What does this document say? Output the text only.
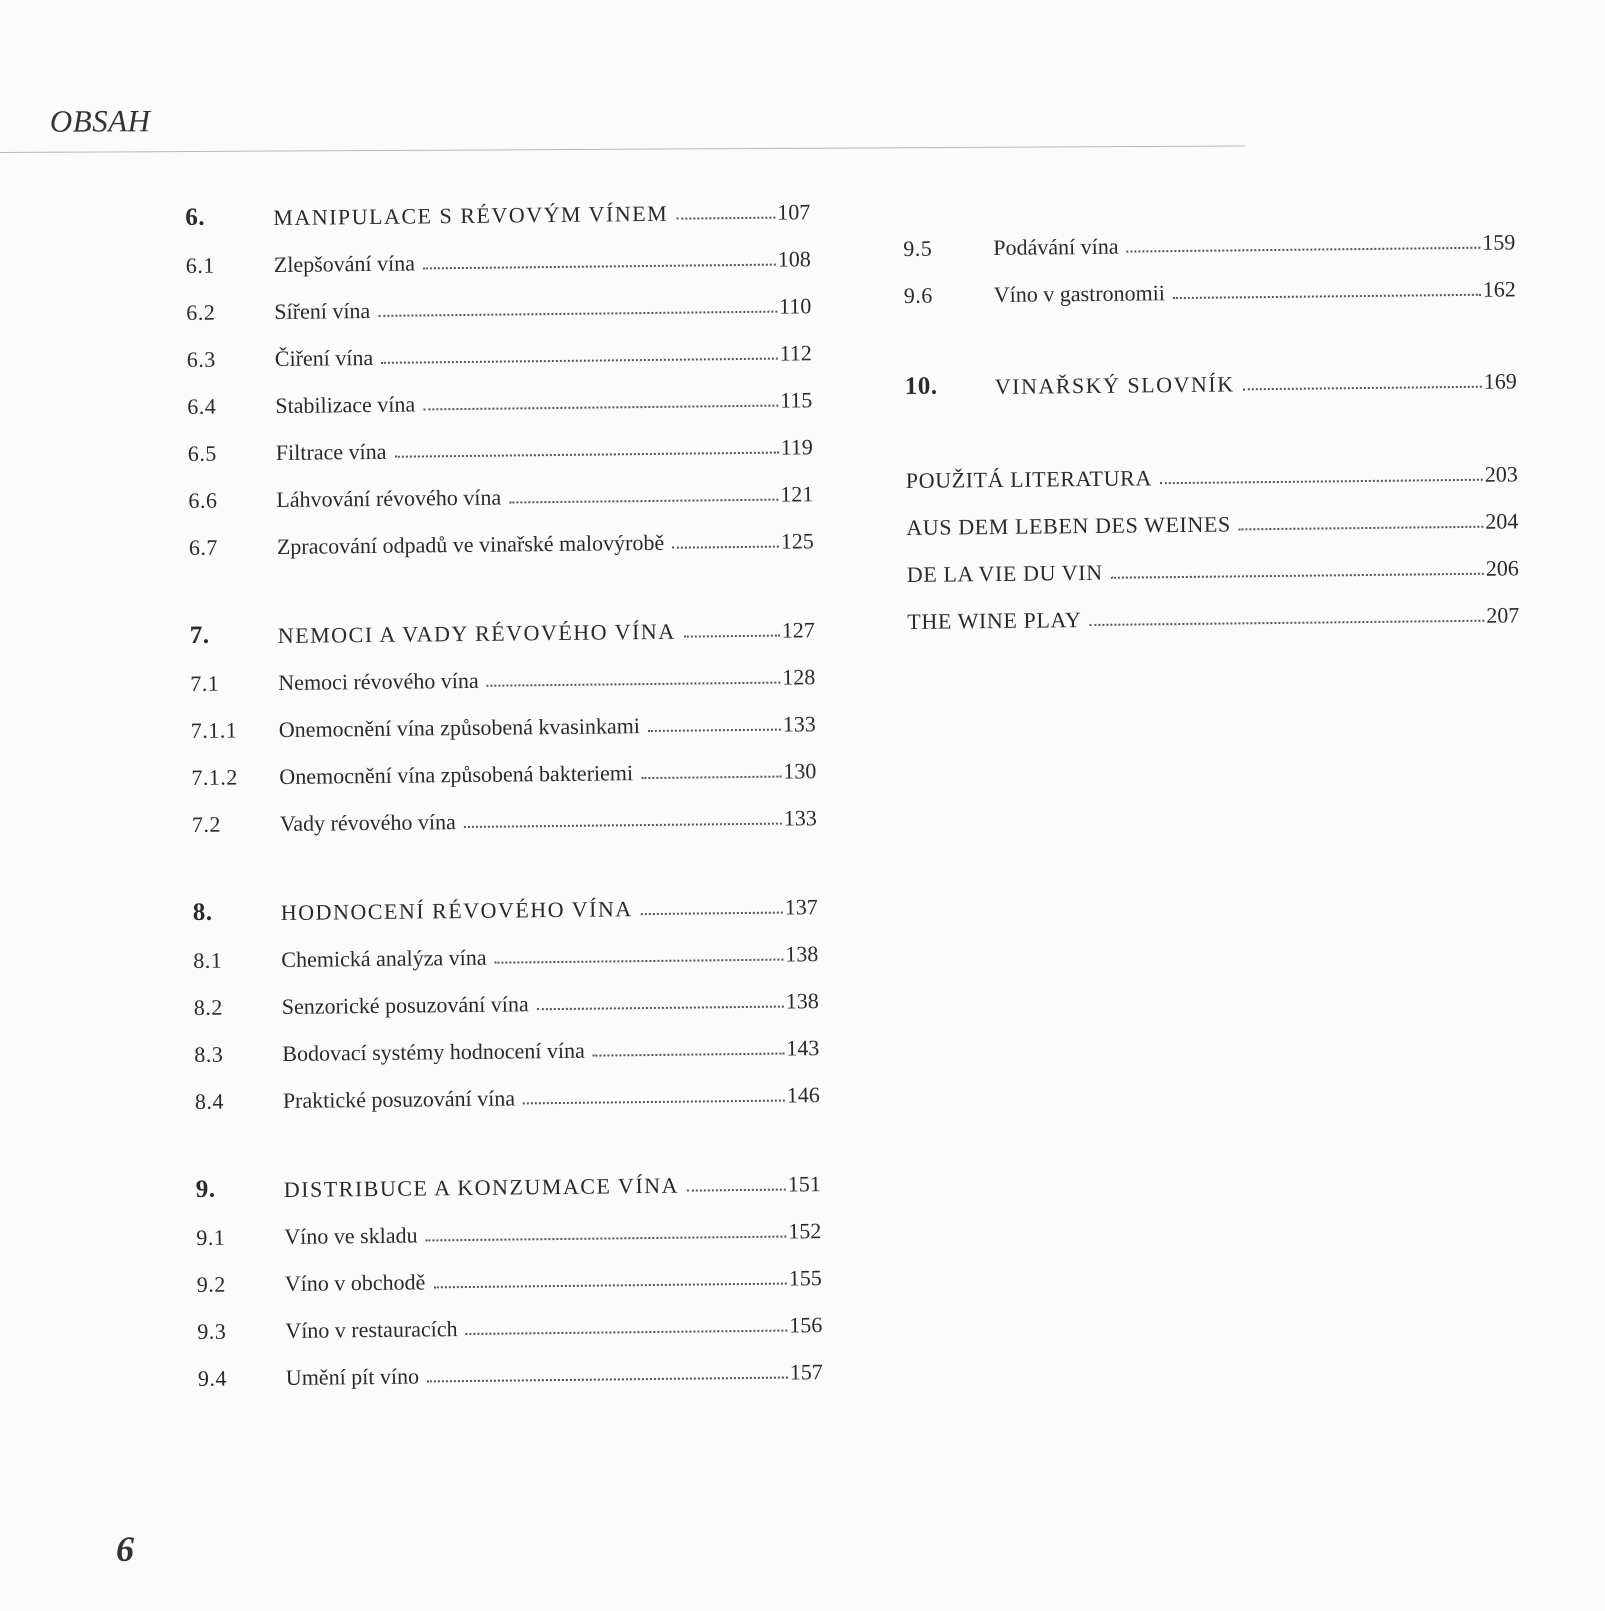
OBSAH
6.	MANIPULACE S RÉVOVÝM VÍNEM	107
6.1	Zlepšování vína	108
6.2	Síření vína	110
6.3	Čiření vína	112
6.4	Stabilizace vína	115
6.5	Filtrace vína	119
6.6	Láhvování révového vína	121
6.7	Zpracování odpadů ve vinařské malovýrobě	125
7.	NEMOCI A VADY RÉVOVÉHO VÍNA	127
7.1	Nemoci révového vína	128
7.1.1	Onemocnění vína způsobená kvasinkami	133
7.1.2	Onemocnění vína způsobená bakteriemi	130
7.2	Vady révového vína	133
8.	HODNOCENÍ RÉVOVÉHO VÍNA	137
8.1	Chemická analýza vína	138
8.2	Senzorické posuzování vína	138
8.3	Bodovací systémy hodnocení vína	143
8.4	Praktické posuzování vína	146
9.	DISTRIBUCE A KONZUMACE VÍNA	151
9.1	Víno ve skladu	152
9.2	Víno v obchodě	155
9.3	Víno v restauracích	156
9.4	Umění pít víno	157
9.5	Podávání vína	159
9.6	Víno v gastronomii	162
10.	VINAŘSKÝ SLOVNÍK	169
POUŽITÁ LITERATURA	203
AUS DEM LEBEN DES WEINES	204
DE LA VIE DU VIN	206
THE WINE PLAY	207
6
